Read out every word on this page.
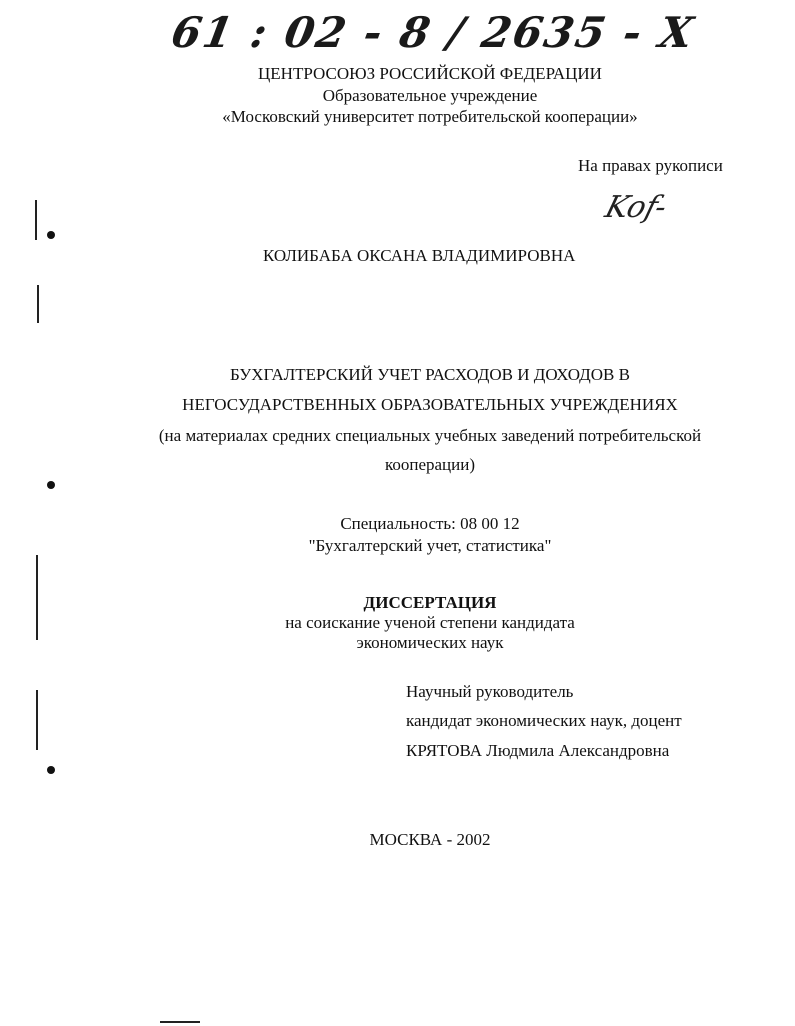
61 : 02 - 8 / 2635 - X
ЦЕНТРОСОЮЗ РОССИЙСКОЙ ФЕДЕРАЦИИ
Образовательное учреждение
«Московский университет потребительской кооперации»
На правах рукописи
Kof-
КОЛИБАБА ОКСАНА ВЛАДИМИРОВНА
БУХГАЛТЕРСКИЙ УЧЕТ РАСХОДОВ И ДОХОДОВ В
НЕГОСУДАРСТВЕННЫХ ОБРАЗОВАТЕЛЬНЫХ УЧРЕЖДЕНИЯХ
(на материалах средних специальных учебных заведений потребительской
кооперации)
Специальность: 08 00 12
"Бухгалтерский учет, статистика"
ДИССЕРТАЦИЯ
на соискание ученой степени кандидата
экономических наук
Научный руководитель
кандидат экономических наук, доцент
КРЯТОВА Людмила Александровна
МОСКВА - 2002
